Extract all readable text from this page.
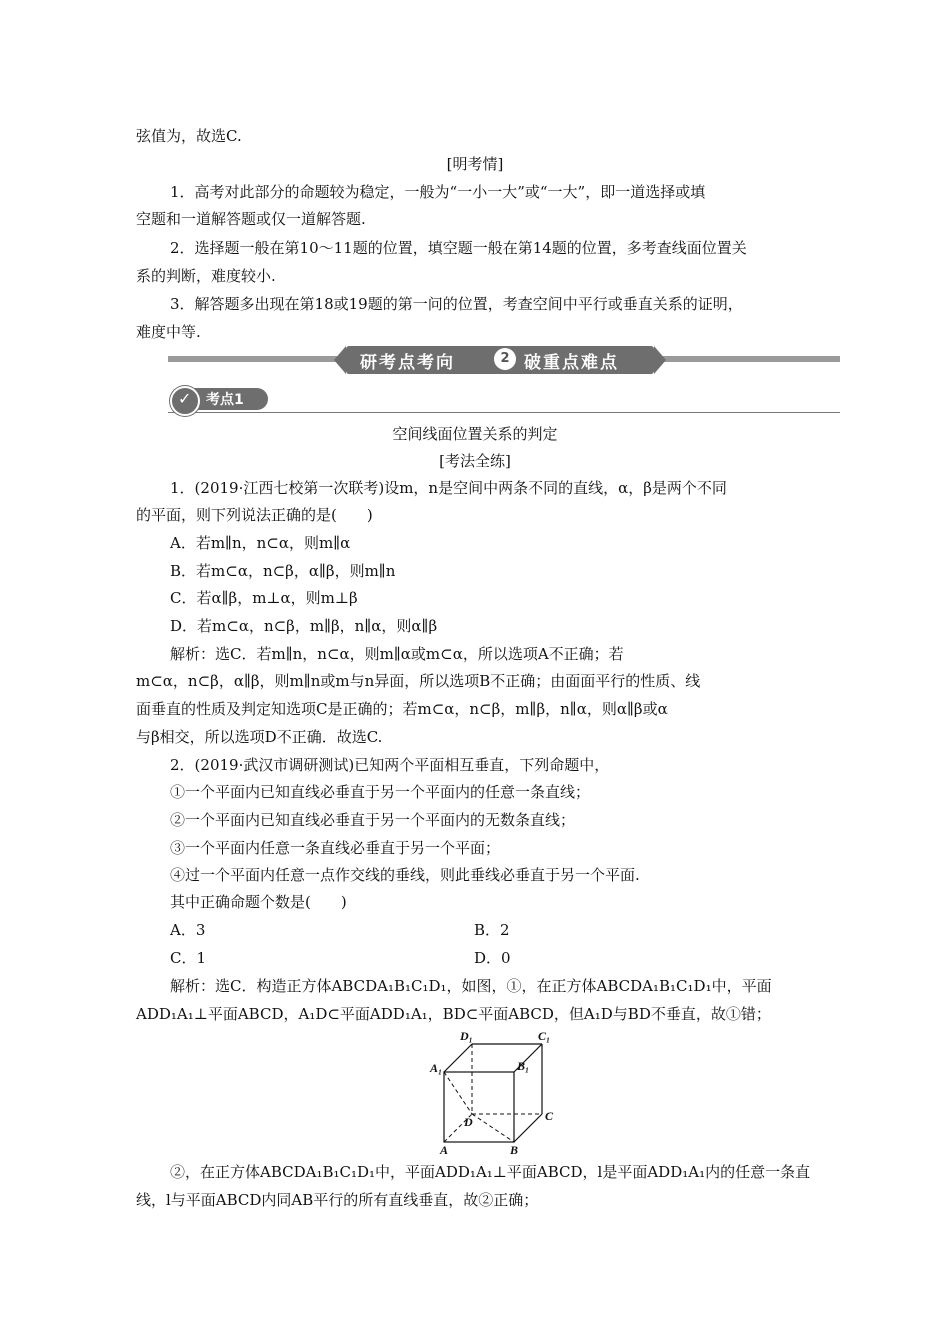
弦值为，故选C.
[明考情]
1．高考对此部分的命题较为稳定，一般为“一小一大”或“一大”，即一道选择或填
空题和一道解答题或仅一道解答题.
2．选择题一般在第10～11题的位置，填空题一般在第14题的位置，多考查线面位置关
系的判断，难度较小.
3．解答题多出现在第18或19题的第一问的位置，考查空间中平行或垂直关系的证明，
难度中等.
研考点考向	2 破重点难点
考点1
✓
空间线面位置关系的判定
[考法全练]
1．(2019·江西七校第一次联考)设m，n是空间中两条不同的直线，α，β是两个不同
的平面，则下列说法正确的是(　　)
A．若m∥n，n⊂α，则m∥α
B．若m⊂α，n⊂β，α∥β，则m∥n
C．若α∥β，m⊥α，则m⊥β
D．若m⊂α，n⊂β，m∥β，n∥α，则α∥β
解析：选C．若m∥n，n⊂α，则m∥α或m⊂α，所以选项A不正确；若
m⊂α，n⊂β，α∥β，则m∥n或m与n异面，所以选项B不正确；由面面平行的性质、线
面垂直的性质及判定知选项C是正确的；若m⊂α，n⊂β，m∥β，n∥α，则α∥β或α
与β相交，所以选项D不正确．故选C.
2．(2019·武汉市调研测试)已知两个平面相互垂直，下列命题中，
①一个平面内已知直线必垂直于另一个平面内的任意一条直线；
②一个平面内已知直线必垂直于另一个平面内的无数条直线；
③一个平面内任意一条直线必垂直于另一个平面；
④过一个平面内任意一点作交线的垂线，则此垂线必垂直于另一个平面.
其中正确命题个数是(　　)
A．3	B．2
C．1	D．0
解析：选C．构造正方体ABCDA₁B₁C₁D₁，如图，①，在正方体ABCDA₁B₁C₁D₁中，平面
ADD₁A₁⊥平面ABCD，A₁D⊂平面ADD₁A₁，BD⊂平面ABCD，但A₁D与BD不垂直，故①错；
D₁	C₁
A₁	B₁
C
D
A	B
②，在正方体ABCDA₁B₁C₁D₁中，平面ADD₁A₁⊥平面ABCD，l是平面ADD₁A₁内的任意一条直
线，l与平面ABCD内同AB平行的所有直线垂直，故②正确；
